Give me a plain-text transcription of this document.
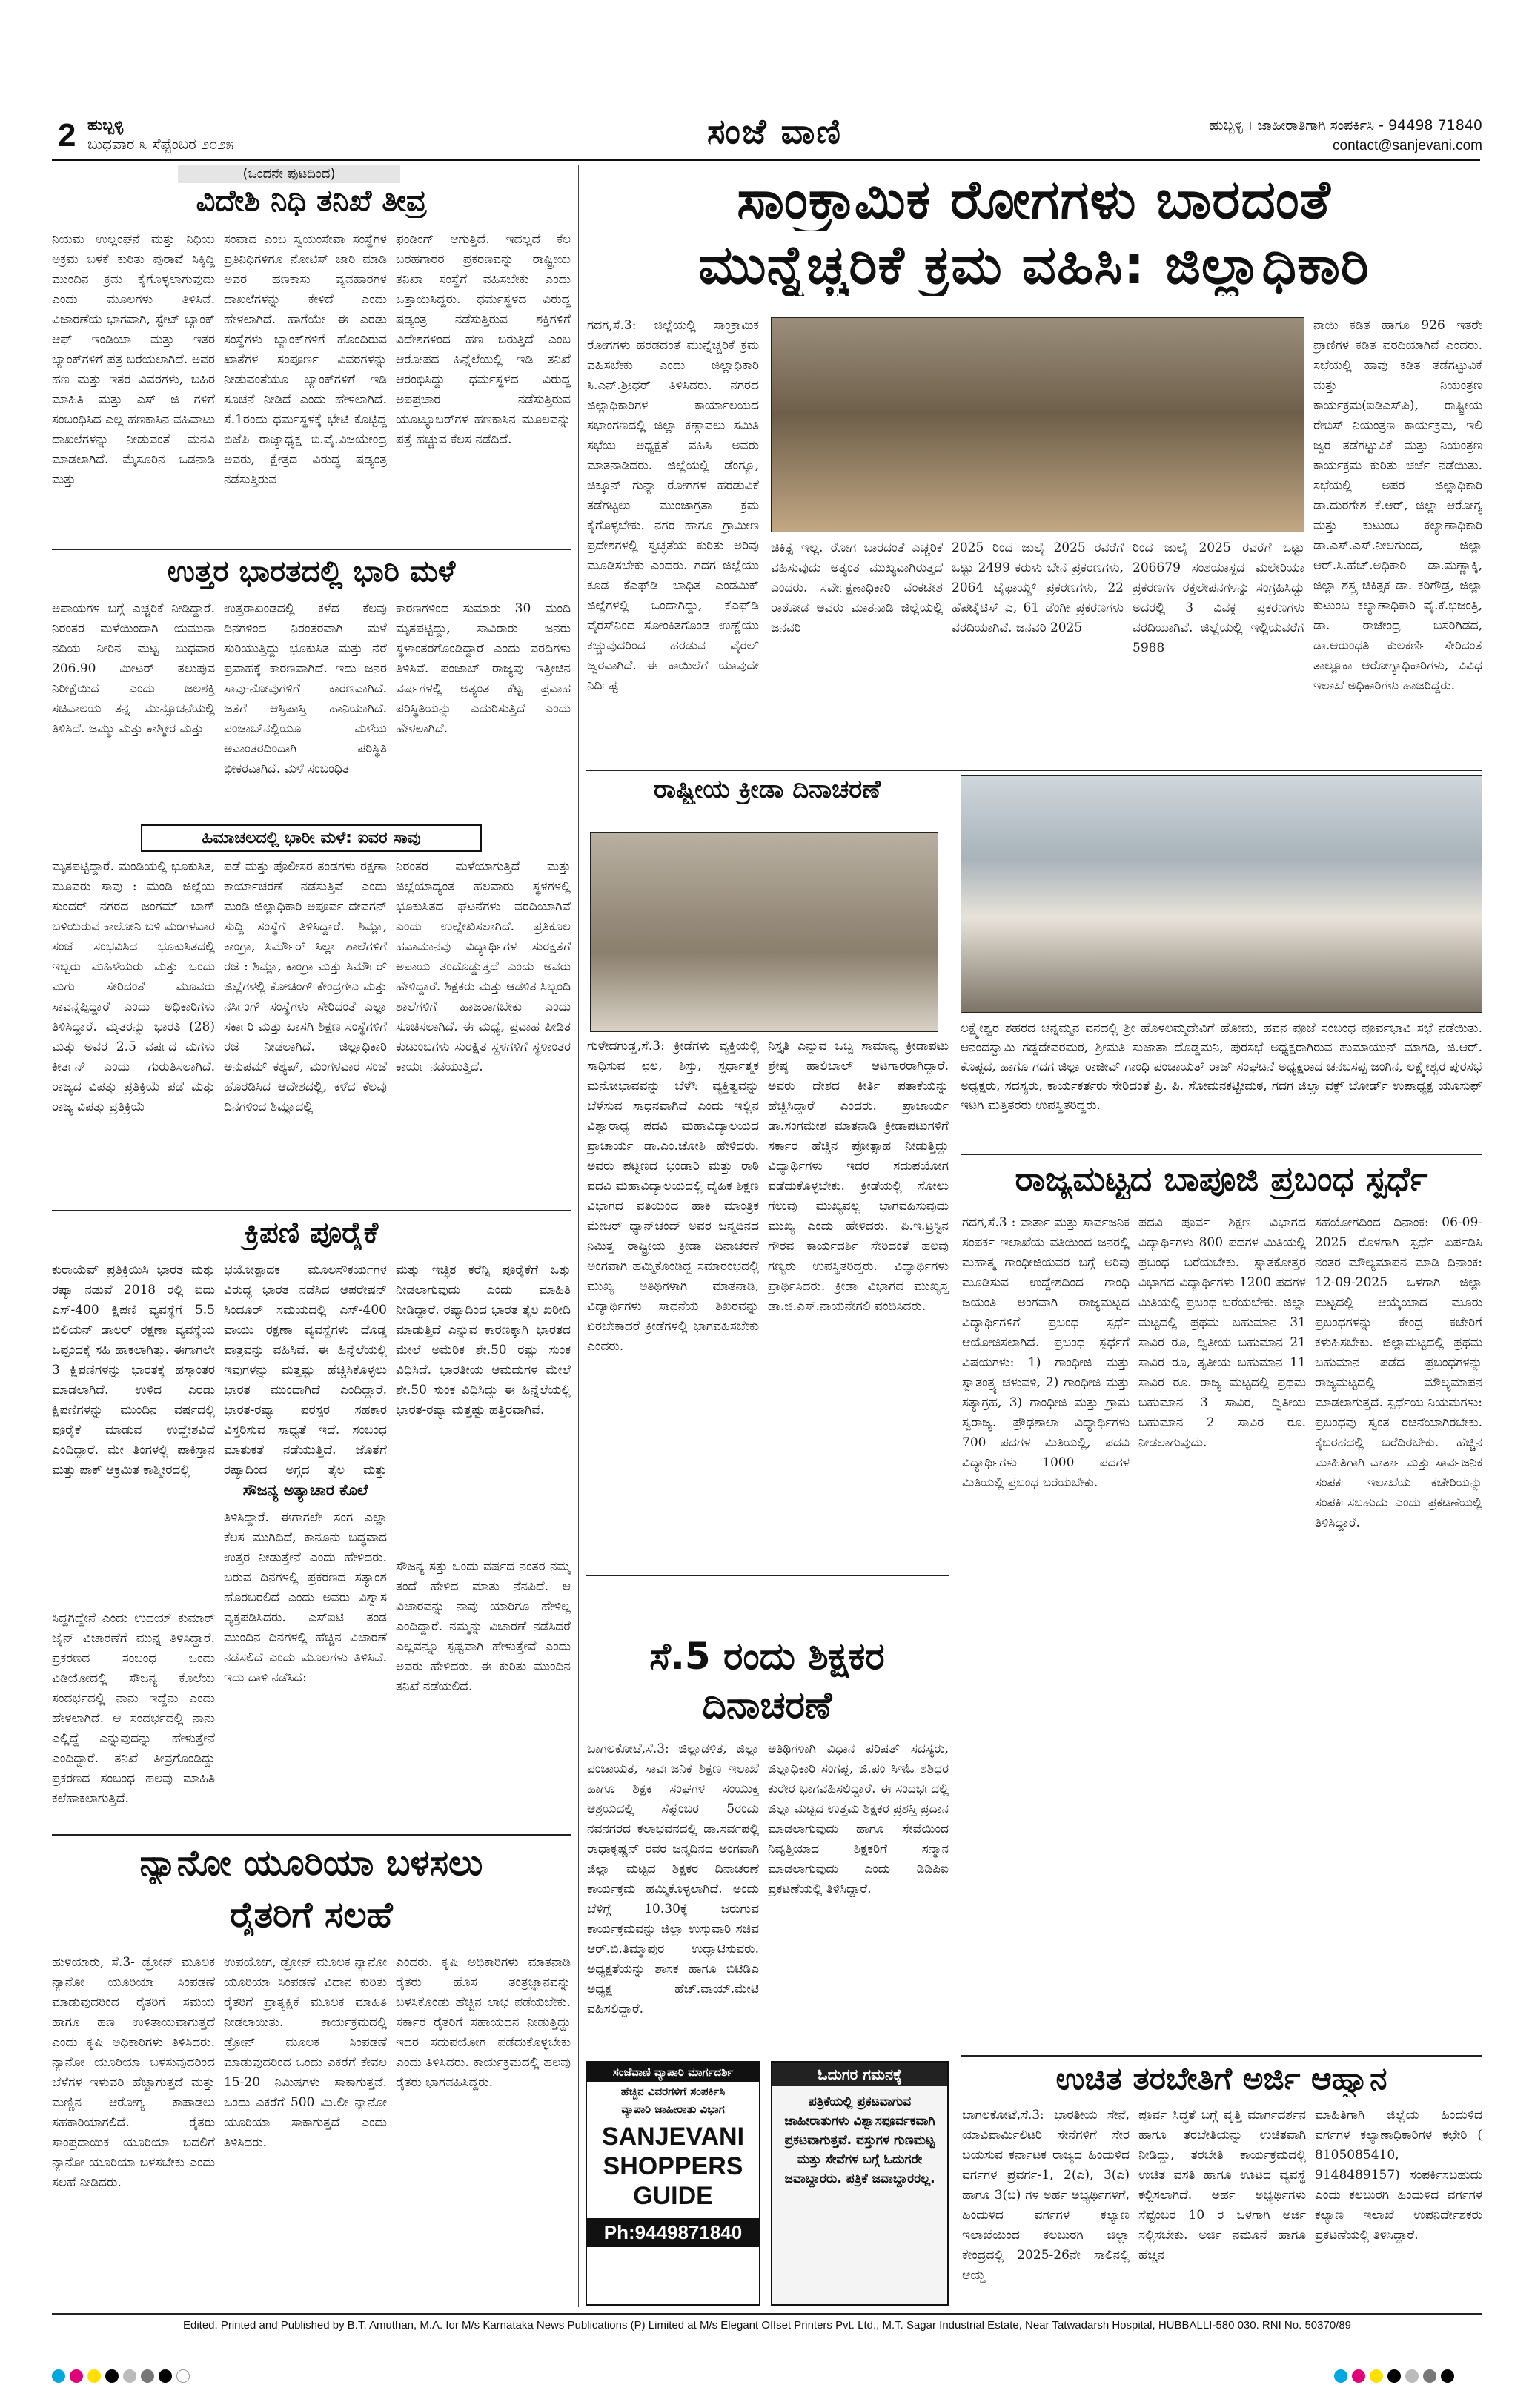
2 ಹುಬ್ಬಳ್ಳಿ
ಬುಧವಾರ ೩ ಸೆಪ್ಟೆಂಬರ ೨೦೨೫	ಸಂಜೆ ವಾಣಿ	ಹುಬ್ಬಳ್ಳಿ । ಜಾಹೀರಾತಿಗಾಗಿ ಸಂಪರ್ಕಿಸಿ - 94498 71840
contact@sanjevani.com
(ಒಂದನೇ ಪುಟದಿಂದ)
ವಿದೇಶಿ ನಿಧಿ ತನಿಖೆ ತೀವ್ರ
ನಿಯಮ ಉಲ್ಲಂಘನೆ ಮತ್ತು ನಿಧಿಯ ಅಕ್ರಮ ಬಳಕೆ ಕುರಿತು ಪುರಾವೆ ಸಿಕ್ಕಿದ್ದಿ ಮುಂದಿನ ಕ್ರಮ ಕೈಗೊಳ್ಳಲಾಗುವುದು ಎಂದು ಮೂಲಗಳು ತಿಳಿಸಿವೆ. ವಿಜಾರಣೆಯ ಭಾಗವಾಗಿ, ಸ್ಟೇಟ್ ಬ್ಯಾಂಕ್ ಆಫ್ ಇಂಡಿಯಾ ಮತ್ತು ಇತರ ಬ್ಯಾಂಕ್‌ಗಳಿಗೆ ಪತ್ರ ಬರೆಯಲಾಗಿದೆ. ಅವರ ಹಣ ಮತ್ತು ಇತರ ವಿವರಗಳು, ಬಹಿರ ಮಾಹಿತಿ ಮತ್ತು ಎಸ್ ಜಿ ಗಳಿಗೆ ಸಂಬಂಧಿಸಿದ ಎಲ್ಲ ಹಣಕಾಸಿನ ವಹಿವಾಟು ದಾಖಲೆಗಳನ್ನು ನೀಡುವಂತೆ ಮನವಿ ಮಾಡಲಾಗಿದೆ. ಮೈಸೂರಿನ ಒಡನಾಡಿ ಮತ್ತು
ಸಂವಾದ ಎಂಬ ಸ್ವಯಂಸೇವಾ ಸಂಸ್ಥೆಗಳ ಪ್ರತಿನಿಧಿಗಳಿಗೂ ನೋಟಿಸ್ ಜಾರಿ ಮಾಡಿ ಅವರ ಹಣಕಾಸು ವ್ಯವಹಾರಗಳ ದಾಖಲೆಗಳನ್ನು ಕೇಳಿದೆ ಎಂದು ಹೇಳಲಾಗಿದೆ. ಹಾಗೆಯೇ ಈ ಎರಡು ಸಂಸ್ಥೆಗಳು ಬ್ಯಾಂಕ್‌ಗಳಿಗೆ ಹೊಂದಿರುವ ಖಾತೆಗಳ ಸಂಪೂರ್ಣ ವಿವರಗಳನ್ನು ನೀಡುವಂತೆಯೂ ಬ್ಯಾಂಕ್‌ಗಳಿಗೆ ಇಡಿ ಸೂಚನೆ ನೀಡಿದೆ ಎಂದು ಹೇಳಲಾಗಿದೆ. ಸೆ.1ರಂದು ಧರ್ಮಸ್ಥಳಕ್ಕೆ ಭೇಟಿ ಕೊಟ್ಟಿದ್ದ ಬಿಜೆಪಿ ರಾಜ್ಯಾಧ್ಯಕ್ಷ ಬಿ.ವೈ.ವಿಜಯೇಂದ್ರ ಅವರು, ಕ್ಷೇತ್ರದ ವಿರುದ್ಧ ಷಡ್ಯಂತ್ರ ನಡೆಸುತ್ತಿರುವ
ಫಂಡಿಂಗ್ ಆಗುತ್ತಿದೆ. ಇದಲ್ಲದೆ ಕೆಲ ಬರಹಗಾರರ ಪ್ರಕರಣವನ್ನು ರಾಷ್ಟ್ರೀಯ ತನಿಖಾ ಸಂಸ್ಥೆಗೆ ವಹಿಸಬೇಕು ಎಂದು ಒತ್ತಾಯಿಸಿದ್ದರು. ಧರ್ಮಸ್ಥಳದ ವಿರುದ್ಧ ಷಡ್ಯಂತ್ರ ನಡೆಸುತ್ತಿರುವ ಶಕ್ತಿಗಳಿಗೆ ವಿದೇಶಗಳಿಂದ ಹಣ ಬರುತ್ತಿದೆ ಎಂಬ ಆರೋಪದ ಹಿನ್ನೆಲೆಯಲ್ಲಿ ಇಡಿ ತನಿಖೆ ಆರಂಭಿಸಿದ್ದು ಧರ್ಮಸ್ಥಳದ ವಿರುದ್ಧ ಅಪಪ್ರಚಾರ ನಡೆಸುತ್ತಿರುವ ಯೂಟ್ಯೂಬರ್‌ಗಳ ಹಣಕಾಸಿನ ಮೂಲವನ್ನು ಪತ್ತೆ ಹಚ್ಚುವ ಕೆಲಸ ನಡೆದಿದೆ.
ಉತ್ತರ ಭಾರತದಲ್ಲಿ ಭಾರಿ ಮಳೆ
ಅಪಾಯಗಳ ಬಗ್ಗೆ ಎಚ್ಚರಿಕೆ ನೀಡಿದ್ದಾರೆ. ನಿರಂತರ ಮಳೆಯಿಂದಾಗಿ ಯಮುನಾ ನದಿಯ ನೀರಿನ ಮಟ್ಟ ಬುಧವಾರ 206.90 ಮೀಟರ್ ತಲುಪುವ ನಿರೀಕ್ಷೆಯಿದೆ ಎಂದು ಜಲಶಕ್ತಿ ಸಚಿವಾಲಯ ತನ್ನ ಮುನ್ಸೂಚನೆಯಲ್ಲಿ ತಿಳಿಸಿದೆ. ಜಮ್ಮು ಮತ್ತು ಕಾಶ್ಮೀರ ಮತ್ತು
ಉತ್ತರಾಖಂಡದಲ್ಲಿ ಕಳೆದ ಕೆಲವು ದಿನಗಳಿಂದ ನಿರಂತರವಾಗಿ ಮಳೆ ಸುರಿಯುತ್ತಿದ್ದು ಭೂಕುಸಿತ ಮತ್ತು ನೆರೆ ಪ್ರವಾಹಕ್ಕೆ ಕಾರಣವಾಗಿದೆ. ಇದು ಜನರ ಸಾವು-ನೋವುಗಳಿಗೆ ಕಾರಣವಾಗಿದೆ. ಜತೆಗೆ ಆಸ್ತಿಪಾಸ್ತಿ ಹಾನಿಯಾಗಿದೆ. ಪಂಜಾಬ್‌ನಲ್ಲಿಯೂ ಮಳೆಯ ಅವಾಂತರದಿಂದಾಗಿ ಪರಿಸ್ಥಿತಿ ಭೀಕರವಾಗಿದೆ. ಮಳೆ ಸಂಬಂಧಿತ
ಕಾರಣಗಳಿಂದ ಸುಮಾರು 30 ಮಂದಿ ಮೃತಪಟ್ಟಿದ್ದು, ಸಾವಿರಾರು ಜನರು ಸ್ಥಳಾಂತರಗೊಂಡಿದ್ದಾರೆ ಎಂದು ವರದಿಗಳು ತಿಳಿಸಿವೆ. ಪಂಜಾಬ್ ರಾಜ್ಯವು ಇತ್ತೀಚಿನ ವರ್ಷಗಳಲ್ಲಿ ಅತ್ಯಂತ ಕೆಟ್ಟ ಪ್ರವಾಹ ಪರಿಸ್ಥಿತಿಯನ್ನು ಎದುರಿಸುತ್ತಿದೆ ಎಂದು ಹೇಳಲಾಗಿದೆ.
ಹಿಮಾಚಲದಲ್ಲಿ ಭಾರೀ ಮಳೆ: ಐವರ ಸಾವು
ಮೃತಪಟ್ಟಿದ್ದಾರೆ. ಮಂಡಿಯಲ್ಲಿ ಭೂಕುಸಿತ, ಮೂವರು ಸಾವು : ಮಂಡಿ ಜಿಲ್ಲೆಯ ಸುಂದರ್ ನಗರದ ಜಂಗಮ್ ಬಾಗ್ ಬಳಿಯಿರುವ ಕಾಲೋನಿ ಬಳಿ ಮಂಗಳವಾರ ಸಂಜೆ ಸಂಭವಿಸಿದ ಭೂಕುಸಿತದಲ್ಲಿ ಇಬ್ಬರು ಮಹಿಳೆಯರು ಮತ್ತು ಒಂದು ಮಗು ಸೇರಿದಂತೆ ಮೂವರು ಸಾವನ್ನಪ್ಪಿದ್ದಾರೆ ಎಂದು ಅಧಿಕಾರಿಗಳು ತಿಳಿಸಿದ್ದಾರೆ. ಮೃತರನ್ನು ಭಾರತಿ (28) ಮತ್ತು ಅವರ 2.5 ವರ್ಷದ ಮಗಳು ಕೀರ್ತನ್ ಎಂದು ಗುರುತಿಸಲಾಗಿದೆ. ರಾಜ್ಯದ ವಿಪತ್ತು ಪ್ರತಿಕ್ರಿಯೆ ಪಡೆ ಮತ್ತು ರಾಜ್ಯ ವಿಪತ್ತು ಪ್ರತಿಕ್ರಿಯೆ
ಪಡೆ ಮತ್ತು ಪೊಲೀಸರ ತಂಡಗಳು ರಕ್ಷಣಾ ಕಾರ್ಯಾಚರಣೆ ನಡೆಸುತ್ತಿವೆ ಎಂದು ಮಂಡಿ ಜಿಲ್ಲಾಧಿಕಾರಿ ಅಪೂರ್ವ ದೇವಗನ್ ಸುದ್ದಿ ಸಂಸ್ಥೆಗೆ ತಿಳಿಸಿದ್ದಾರೆ. ಶಿಮ್ಲಾ, ಕಾಂಗ್ರಾ, ಸಿರ್ಮೌರ್ ಸಿಲ್ಲಾ ಶಾಲೆಗಳಿಗೆ ರಜೆ : ಶಿಮ್ಲಾ, ಕಾಂಗ್ರಾ ಮತ್ತು ಸಿರ್ಮೌರ್ ಜಿಲ್ಲೆಗಳಲ್ಲಿ ಕೋಚಿಂಗ್ ಕೇಂದ್ರಗಳು ಮತ್ತು ನರ್ಸಿಂಗ್ ಸಂಸ್ಥೆಗಳು ಸೇರಿದಂತೆ ಎಲ್ಲಾ ಸರ್ಕಾರಿ ಮತ್ತು ಖಾಸಗಿ ಶಿಕ್ಷಣ ಸಂಸ್ಥೆಗಳಿಗೆ ರಜೆ ನೀಡಲಾಗಿದೆ. ಜಿಲ್ಲಾಧಿಕಾರಿ ಅನುಪಮ್ ಕಶ್ಯಪ್, ಮಂಗಳವಾರ ಸಂಜೆ ಹೊರಡಿಸಿದ ಆದೇಶದಲ್ಲಿ, ಕಳೆದ ಕೆಲವು ದಿನಗಳಿಂದ ಶಿಮ್ಲಾದಲ್ಲಿ
ನಿರಂತರ ಮಳೆಯಾಗುತ್ತಿದೆ ಮತ್ತು ಜಿಲ್ಲೆಯಾದ್ಯಂತ ಹಲವಾರು ಸ್ಥಳಗಳಲ್ಲಿ ಭೂಕುಸಿತದ ಘಟನೆಗಳು ವರದಿಯಾಗಿವೆ ಎಂದು ಉಲ್ಲೇಖಿಸಲಾಗಿದೆ. ಪ್ರತಿಕೂಲ ಹವಾಮಾನವು ವಿದ್ಯಾರ್ಥಿಗಳ ಸುರಕ್ಷತೆಗೆ ಅಪಾಯ ತಂದೊಡ್ಡುತ್ತದೆ ಎಂದು ಅವರು ಹೇಳಿದ್ದಾರೆ. ಶಿಕ್ಷಕರು ಮತ್ತು ಆಡಳಿತ ಸಿಬ್ಬಂದಿ ಶಾಲೆಗಳಿಗೆ ಹಾಜರಾಗಬೇಕು ಎಂದು ಸೂಚಿಸಲಾಗಿದೆ. ಈ ಮಧ್ಯೆ, ಪ್ರವಾಹ ಪೀಡಿತ ಕುಟುಂಬಗಳು ಸುರಕ್ಷಿತ ಸ್ಥಳಗಳಿಗೆ ಸ್ಥಳಾಂತರ ಕಾರ್ಯ ನಡೆಯುತ್ತಿದೆ.
ಕ್ರಿಪಣಿ ಪೂರೈಕೆ
ಕುರಾಯೆವ್ ಪ್ರತಿಕ್ರಿಯಿಸಿ ಭಾರತ ಮತ್ತು ರಷ್ಯಾ ನಡುವೆ 2018 ರಲ್ಲಿ ಐದು ಎಸ್-400 ಕ್ಷಿಪಣಿ ವ್ಯವಸ್ಥೆಗೆ 5.5 ಬಿಲಿಯನ್ ಡಾಲರ್ ರಕ್ಷಣಾ ವ್ಯವಸ್ಥೆಯ ಒಪ್ಪಂದಕ್ಕೆ ಸಹಿ ಹಾಕಲಾಗಿತ್ತು. ಈಗಾಗಲೇ 3 ಕ್ಷಿಪಣಿಗಳನ್ನು ಭಾರತಕ್ಕೆ ಹಸ್ತಾಂತರ ಮಾಡಲಾಗಿದೆ. ಉಳಿದ ಎರಡು ಕ್ಷಿಪಣಿಗಳನ್ನು ಮುಂದಿನ ವರ್ಷದಲ್ಲಿ ಪೂರೈಕೆ ಮಾಡುವ ಉದ್ದೇಶವಿದೆ ಎಂದಿದ್ದಾರೆ. ಮೇ ತಿಂಗಳಲ್ಲಿ ಪಾಕಿಸ್ತಾನ ಮತ್ತು ಪಾಕ್ ಆಕ್ರಮಿತ ಕಾಶ್ಮೀರದಲ್ಲಿ
ಭಯೋತ್ಪಾದಕ ಮೂಲಸೌಕರ್ಯಗಳ ವಿರುದ್ಧ ಭಾರತ ನಡೆಸಿದ ಆಪರೇಷನ್ ಸಿಂದೂರ್ ಸಮಯದಲ್ಲಿ ಎಸ್-400 ವಾಯು ರಕ್ಷಣಾ ವ್ಯವಸ್ಥೆಗಳು ದೊಡ್ಡ ಪಾತ್ರವನ್ನು ವಹಿಸಿವೆ. ಈ ಹಿನ್ನೆಲೆಯಲ್ಲಿ ಇವುಗಳನ್ನು ಮತ್ತಷ್ಟು ಹೆಚ್ಚಿಸಿಕೊಳ್ಳಲು ಭಾರತ ಮುಂದಾಗಿದೆ ಎಂದಿದ್ದಾರೆ. ಭಾರತ-ರಷ್ಯಾ ಪರಸ್ಪರ ಸಹಕಾರ ವಿಸ್ತರಿಸುವ ಸಾಧ್ಯತೆ ಇದೆ. ಸಂಬಂಧ ಮಾತುಕತೆ ನಡೆಯುತ್ತಿದೆ. ಜೊತೆಗೆ ರಷ್ಯಾದಿಂದ ಅಗ್ಗದ ತೈಲ ಮತ್ತು
ಮತ್ತು ಇಚ್ಛಿತ ಕರೆನ್ಸಿ ಪೂರೈಕೆಗೆ ಒತ್ತು ನೀಡಲಾಗುವುದು ಎಂದು ಮಾಹಿತಿ ನೀಡಿದ್ದಾರೆ. ರಷ್ಯಾದಿಂದ ಭಾರತ ತೈಲ ಖರೀದಿ ಮಾಡುತ್ತಿದೆ ಎನ್ನುವ ಕಾರಣಕ್ಕಾಗಿ ಭಾರತದ ಮೇಲೆ ಅಮೆರಿಕ ಶೇ.50 ರಷ್ಟು ಸುಂಕ ವಿಧಿಸಿದೆ. ಭಾರತೀಯ ಆಮದುಗಳ ಮೇಲೆ ಶೇ.50 ಸುಂಕ ವಿಧಿಸಿದ್ದು ಈ ಹಿನ್ನೆಲೆಯಲ್ಲಿ ಭಾರತ-ರಷ್ಯಾ ಮತ್ತಷ್ಟು ಹತ್ತಿರವಾಗಿವೆ.
ಸೌಜನ್ಯ ಅತ್ಯಾಚಾರ ಕೊಲೆ
ಸಿದ್ದಗಿದ್ದೇನೆ ಎಂದು ಉದಯ್ ಕುಮಾರ್ ಜೈನ್ ವಿಚಾರಣೆಗೆ ಮುನ್ನ ತಿಳಿಸಿದ್ದಾರೆ. ಪ್ರಕರಣದ ಸಂಬಂಧ ಒಂದು ವಿಡಿಯೋದಲ್ಲಿ ಸೌಜನ್ಯ ಕೊಲೆಯ ಸಂದರ್ಭದಲ್ಲಿ ನಾನು ಇದ್ದೆನು ಎಂದು ಹೇಳಲಾಗಿದೆ. ಆ ಸಂದರ್ಭದಲ್ಲಿ ನಾನು ಎಲ್ಲಿದ್ದೆ ಎನ್ನುವುದನ್ನು ಹೇಳುತ್ತೇನೆ ಎಂದಿದ್ದಾರೆ. ತನಿಖೆ ತೀವ್ರಗೊಂಡಿದ್ದು ಪ್ರಕರಣದ ಸಂಬಂಧ ಹಲವು ಮಾಹಿತಿ ಕಲೆಹಾಕಲಾಗುತ್ತಿದೆ.
ತಿಳಿಸಿದ್ದಾರೆ. ಈಗಾಗಲೇ ಸಂಗ ಎಲ್ಲಾ ಕೆಲಸ ಮುಗಿದಿದೆ, ಕಾನೂನು ಬದ್ಧವಾದ ಉತ್ತರ ನೀಡುತ್ತೇನೆ ಎಂದು ಹೇಳಿದರು. ಬರುವ ದಿನಗಳಲ್ಲಿ ಪ್ರಕರಣದ ಸತ್ಯಾಂಶ ಹೊರಬರಲಿದೆ ಎಂದು ಅವರು ವಿಶ್ವಾಸ ವ್ಯಕ್ತಪಡಿಸಿದರು. ಎಸ್ಐಟಿ ತಂಡ ಮುಂದಿನ ದಿನಗಳಲ್ಲಿ ಹೆಚ್ಚಿನ ವಿಚಾರಣೆ ನಡೆಸಲಿದೆ ಎಂದು ಮೂಲಗಳು ತಿಳಿಸಿವೆ. ಇದು ದಾಳಿ ನಡೆಸಿದೆ:
ಸೌಜನ್ಯ ಸತ್ತು ಒಂದು ವರ್ಷದ ನಂತರ ನಮ್ಮ ತಂದೆ ಹೇಳಿದ ಮಾತು ನೆನಪಿದೆ. ಆ ವಿಚಾರವನ್ನು ನಾವು ಯಾರಿಗೂ ಹೇಳಿಲ್ಲ ಎಂದಿದ್ದಾರೆ. ನಮ್ಮನ್ನು ವಿಚಾರಣೆ ನಡೆಸಿದರೆ ಎಲ್ಲವನ್ನೂ ಸ್ಪಷ್ಟವಾಗಿ ಹೇಳುತ್ತೇವೆ ಎಂದು ಅವರು ಹೇಳಿದರು. ಈ ಕುರಿತು ಮುಂದಿನ ತನಿಖೆ ನಡೆಯಲಿದೆ.
ನ್ಯಾನೋ ಯೂರಿಯಾ ಬಳಸಲು
ರೈತರಿಗೆ ಸಲಹೆ
ಹುಳಿಯಾರು, ಸೆ.3- ಡ್ರೋನ್ ಮೂಲಕ ನ್ಯಾನೋ ಯೂರಿಯಾ ಸಿಂಪಡಣೆ ಮಾಡುವುದರಿಂದ ರೈತರಿಗೆ ಸಮಯ ಹಾಗೂ ಹಣ ಉಳಿತಾಯವಾಗುತ್ತದೆ ಎಂದು ಕೃಷಿ ಅಧಿಕಾರಿಗಳು ತಿಳಿಸಿದರು. ನ್ಯಾನೋ ಯೂರಿಯಾ ಬಳಸುವುದರಿಂದ ಬೆಳೆಗಳ ಇಳುವರಿ ಹೆಚ್ಚಾಗುತ್ತದೆ ಮತ್ತು ಮಣ್ಣಿನ ಆರೋಗ್ಯ ಕಾಪಾಡಲು ಸಹಕಾರಿಯಾಗಲಿದೆ. ರೈತರು ಸಾಂಪ್ರದಾಯಿಕ ಯೂರಿಯಾ ಬದಲಿಗೆ ನ್ಯಾನೋ ಯೂರಿಯಾ ಬಳಸಬೇಕು ಎಂದು ಸಲಹೆ ನೀಡಿದರು.
ಉಪಯೋಗ, ಡ್ರೋನ್ ಮೂಲಕ ನ್ಯಾನೋ ಯೂರಿಯಾ ಸಿಂಪಡಣೆ ವಿಧಾನ ಕುರಿತು ರೈತರಿಗೆ ಪ್ರಾತ್ಯಕ್ಷಿಕೆ ಮೂಲಕ ಮಾಹಿತಿ ನೀಡಲಾಯಿತು. ಕಾರ್ಯಕ್ರಮದಲ್ಲಿ ಡ್ರೋನ್ ಮೂಲಕ ಸಿಂಪಡಣೆ ಮಾಡುವುದರಿಂದ ಒಂದು ಎಕರೆಗೆ ಕೇವಲ 15-20 ನಿಮಿಷಗಳು ಸಾಕಾಗುತ್ತವೆ. ಒಂದು ಎಕರೆಗೆ 500 ಮಿ.ಲೀ ನ್ಯಾನೋ ಯೂರಿಯಾ ಸಾಕಾಗುತ್ತದೆ ಎಂದು ತಿಳಿಸಿದರು.
ಎಂದರು. ಕೃಷಿ ಅಧಿಕಾರಿಗಳು ಮಾತನಾಡಿ ರೈತರು ಹೊಸ ತಂತ್ರಜ್ಞಾನವನ್ನು ಬಳಸಿಕೊಂಡು ಹೆಚ್ಚಿನ ಲಾಭ ಪಡೆಯಬೇಕು. ಸರ್ಕಾರ ರೈತರಿಗೆ ಸಹಾಯಧನ ನೀಡುತ್ತಿದ್ದು ಇದರ ಸದುಪಯೋಗ ಪಡೆದುಕೊಳ್ಳಬೇಕು ಎಂದು ತಿಳಿಸಿದರು. ಕಾರ್ಯಕ್ರಮದಲ್ಲಿ ಹಲವು ರೈತರು ಭಾಗವಹಿಸಿದ್ದರು.
ಸಾಂಕ್ರಾಮಿಕ ರೋಗಗಳು ಬಾರದಂತೆ
ಮುನ್ನೆಚ್ಚರಿಕೆ ಕ್ರಮ ವಹಿಸಿ: ಜಿಲ್ಲಾಧಿಕಾರಿ
ಗದಗ,ಸೆ.3: ಜಿಲ್ಲೆಯಲ್ಲಿ ಸಾಂಕ್ರಾಮಿಕ ರೋಗಗಳು ಹರಡದಂತೆ ಮುನ್ನೆಚ್ಚರಿಕೆ ಕ್ರಮ ವಹಿಸಬೇಕು ಎಂದು ಜಿಲ್ಲಾಧಿಕಾರಿ ಸಿ.ಎನ್.ಶ್ರೀಧರ್ ತಿಳಿಸಿದರು. ನಗರದ ಜಿಲ್ಲಾಧಿಕಾರಿಗಳ ಕಾರ್ಯಾಲಯದ ಸಭಾಂಗಣದಲ್ಲಿ ಜಿಲ್ಲಾ ಕಣ್ಗಾವಲು ಸಮಿತಿ ಸಭೆಯ ಅಧ್ಯಕ್ಷತೆ ವಹಿಸಿ ಅವರು ಮಾತನಾಡಿದರು. ಜಿಲ್ಲೆಯಲ್ಲಿ ಡೆಂಗ್ಯೂ, ಚಿಕ್ಕೂನ್ ಗುನ್ಯಾ ರೋಗಗಳ ಹರಡುವಿಕೆ ತಡೆಗಟ್ಟಲು ಮುಂಜಾಗ್ರತಾ ಕ್ರಮ ಕೈಗೊಳ್ಳಬೇಕು. ನಗರ ಹಾಗೂ ಗ್ರಾಮೀಣ ಪ್ರದೇಶಗಳಲ್ಲಿ ಸ್ವಚ್ಛತೆಯ ಕುರಿತು ಅರಿವು ಮೂಡಿಸಬೇಕು ಎಂದರು. ಗದಗ ಜಿಲ್ಲೆಯು ಕೂಡ ಕೆಎಫ್‌ಡಿ ಬಾಧಿತ ಎಂಡಮಿಕ್ ಜಿಲ್ಲೆಗಳಲ್ಲಿ ಒಂದಾಗಿದ್ದು, ಕೆಎಫ್‌ಡಿ ವೈರಸ್‌ನಿಂದ ಸೋಂಕಿತಗೊಂಡ ಉಣ್ಣೆಯು ಕಚ್ಚುವುದರಿಂದ ಹರಡುವ ವೈರಲ್ ಜ್ವರವಾಗಿದೆ. ಈ ಕಾಯಿಲೆಗೆ ಯಾವುದೇ ನಿರ್ದಿಷ್ಟ
ಚಿಕಿತ್ಸೆ ಇಲ್ಲ. ರೋಗ ಬಾರದಂತೆ ಎಚ್ಚರಿಕೆ ವಹಿಸುವುದು ಅತ್ಯಂತ ಮುಖ್ಯವಾಗಿರುತ್ತದೆ ಎಂದರು. ಸರ್ವೇಕ್ಷಣಾಧಿಕಾರಿ ವೆಂಕಟೇಶ ರಾಠೋಡ ಅವರು ಮಾತನಾಡಿ ಜಿಲ್ಲೆಯಲ್ಲಿ ಜನವರಿ
2025 ರಿಂದ ಜುಲೈ 2025 ರವರೆಗೆ ಒಟ್ಟು 2499 ಕರುಳು ಬೇನೆ ಪ್ರಕರಣಗಳು, 2064 ಟೈಫಾಯ್ಡ್ ಪ್ರಕರಣಗಳು, 22 ಹೆಪಟೈಟಿಸ್ ಎ, 61 ಡೆಂಗೀ ಪ್ರಕರಣಗಳು ವರದಿಯಾಗಿವೆ. ಜನವರಿ 2025
ರಿಂದ ಜುಲೈ 2025 ರವರೆಗೆ ಒಟ್ಟು 206679 ಸಂಶಯಾಸ್ಪದ ಮಲೇರಿಯಾ ಪ್ರಕರಣಗಳ ರಕ್ತಲೇಪನಗಳನ್ನು ಸಂಗ್ರಹಿಸಿದ್ದು ಅದರಲ್ಲಿ 3 ವಿವಕ್ಸ ಪ್ರಕರಣಗಳು ವರದಿಯಾಗಿವೆ. ಜಿಲ್ಲೆಯಲ್ಲಿ ಇಲ್ಲಿಯವರೆಗೆ 5988
ನಾಯಿ ಕಡಿತ ಹಾಗೂ 926 ಇತರೇ ಪ್ರಾಣಿಗಳ ಕಡಿತ ವರದಿಯಾಗಿವೆ ಎಂದರು. ಸಭೆಯಲ್ಲಿ ಹಾವು ಕಡಿತ ತಡೆಗಟ್ಟುವಿಕೆ ಮತ್ತು ನಿಯಂತ್ರಣ ಕಾರ್ಯಕ್ರಮ(ಐಡಿಎಸ್‌ಪಿ), ರಾಷ್ಟ್ರೀಯ ರೇಬಿಸ್ ನಿಯಂತ್ರಣ ಕಾರ್ಯಕ್ರಮ, ಇಲಿ ಜ್ವರ ತಡೆಗಟ್ಟುವಿಕೆ ಮತ್ತು ನಿಯಂತ್ರಣ ಕಾರ್ಯಕ್ರಮ ಕುರಿತು ಚರ್ಚೆ ನಡೆಯಿತು. ಸಭೆಯಲ್ಲಿ ಅಪರ ಜಿಲ್ಲಾಧಿಕಾರಿ ಡಾ.ದುರಗೇಶ ಕೆ.ಆರ್, ಜಿಲ್ಲಾ ಆರೋಗ್ಯ ಮತ್ತು ಕುಟುಂಬ ಕಲ್ಯಾಣಾಧಿಕಾರಿ ಡಾ.ಎಸ್.ಎಸ್.ನೀಲಗುಂದ, ಜಿಲ್ಲಾ ಆರ್.ಸಿ.ಹೆಚ್.ಅಧಿಕಾರಿ ಡಾ.ಮಣ್ಣಾಕ್ಕಿ, ಜಿಲ್ಲಾ ಶಸ್ತ್ರ ಚಿಕಿತ್ಸಕ ಡಾ. ಕರಿಗೌಡ್ರ, ಜಿಲ್ಲಾ ಕುಟುಂಬ ಕಲ್ಯಾಣಾಧಿಕಾರಿ ವೈ.ಕೆ.ಭಜಂತ್ರಿ, ಡಾ. ರಾಜೇಂದ್ರ ಬಸರಿಗಿಡದ, ಡಾ.ಆರುಂಧತಿ ಕುಲಕರ್ಣಿ ಸೇರಿದಂತೆ ತಾಲ್ಲೂಕಾ ಆರೋಗ್ಯಾಧಿಕಾರಿಗಳು, ವಿವಿಧ ಇಲಾಖೆ ಅಧಿಕಾರಿಗಳು ಹಾಜರಿದ್ದರು.
ರಾಷ್ಟ್ರೀಯ ಕ್ರೀಡಾ ದಿನಾಚರಣೆ
ಗುಳೇದಗುಡ್ಡ,ಸೆ.3: ಕ್ರೀಡೆಗಳು ವ್ಯಕ್ತಿಯಲ್ಲಿ ಸಾಧಿಸುವ ಛಲ, ಶಿಸ್ತು, ಸ್ಪರ್ಧಾತ್ಮಕ ಮನೋಭಾವವನ್ನು ಬೆಳೆಸಿ ವ್ಯಕ್ತಿತ್ವವನ್ನು ಬೆಳೆಸುವ ಸಾಧನವಾಗಿದೆ ಎಂದು ಇಲ್ಲಿನ ವಿಶ್ವಾರಾಧ್ಯ ಪದವಿ ಮಹಾವಿದ್ಯಾಲಯದ ಪ್ರಾಚಾರ್ಯ ಡಾ.ಎಂ.ಜೋಶಿ ಹೇಳಿದರು. ಅವರು ಪಟ್ಟಣದ ಭಂಡಾರಿ ಮತ್ತು ರಾಠಿ ಪದವಿ ಮಹಾವಿದ್ಯಾಲಯದಲ್ಲಿ ದೈಹಿಕ ಶಿಕ್ಷಣ ವಿಭಾಗದ ವತಿಯಿಂದ ಹಾಕಿ ಮಾಂತ್ರಿಕ ಮೇಜರ್ ಧ್ಯಾನ್‌ಚಂದ್ ಅವರ ಜನ್ಮದಿನದ ನಿಮಿತ್ತ ರಾಷ್ಟ್ರೀಯ ಕ್ರೀಡಾ ದಿನಾಚರಣೆ ಅಂಗವಾಗಿ ಹಮ್ಮಿಕೊಂಡಿದ್ದ ಸಮಾರಂಭದಲ್ಲಿ ಮುಖ್ಯ ಅತಿಥಿಗಳಾಗಿ ಮಾತನಾಡಿ, ವಿದ್ಯಾರ್ಥಿಗಳು ಸಾಧನೆಯ ಶಿಖರವನ್ನು ಏರಬೇಕಾದರೆ ಕ್ರೀಡೆಗಳಲ್ಲಿ ಭಾಗವಹಿಸಬೇಕು ಎಂದರು.
ನಿಸ್ತೃತಿ ಎನ್ನುವ ಒಬ್ಬ ಸಾಮಾನ್ಯ ಕ್ರೀಡಾಪಟು ಶ್ರೇಷ್ಠ ಹಾಲಿಬಾಲ್ ಆಟಗಾರರಾಗಿದ್ದಾರೆ. ಅವರು ದೇಶದ ಕೀರ್ತಿ ಪತಾಕೆಯನ್ನು ಹೆಚ್ಚಿಸಿದ್ದಾರೆ ಎಂದರು. ಪ್ರಾಚಾರ್ಯ ಡಾ.ಸಂಗಮೇಶ ಮಾತನಾಡಿ ಕ್ರೀಡಾಪಟುಗಳಿಗೆ ಸರ್ಕಾರ ಹೆಚ್ಚಿನ ಪ್ರೋತ್ಸಾಹ ನೀಡುತ್ತಿದ್ದು ವಿದ್ಯಾರ್ಥಿಗಳು ಇದರ ಸದುಪಯೋಗ ಪಡೆದುಕೊಳ್ಳಬೇಕು. ಕ್ರೀಡೆಯಲ್ಲಿ ಸೋಲು ಗೆಲುವು ಮುಖ್ಯವಲ್ಲ ಭಾಗವಹಿಸುವುದು ಮುಖ್ಯ ಎಂದು ಹೇಳಿದರು. ಪಿ.ಇ.ಟ್ರಸ್ಟಿನ ಗೌರವ ಕಾರ್ಯದರ್ಶಿ ಸೇರಿದಂತೆ ಹಲವು ಗಣ್ಯರು ಉಪಸ್ಥಿತರಿದ್ದರು. ವಿದ್ಯಾರ್ಥಿಗಳು ಪ್ರಾರ್ಥಿಸಿದರು. ಕ್ರೀಡಾ ವಿಭಾಗದ ಮುಖ್ಯಸ್ಥ ಡಾ.ಜಿ.ಎಸ್.ನಾಯನೇಗಲಿ ವಂದಿಸಿದರು.
ಲಕ್ಷ್ಮೇಶ್ವರ ಶಹರದ ಚನ್ನಮ್ಮನ ವನದಲ್ಲಿ ಶ್ರೀ ಹೊಳಲಮ್ಮದೇವಿಗೆ ಹೋಮ, ಹವನ ಪೂಜೆ ಸಂಬಂಧ ಪೂರ್ವಭಾವಿ ಸಭೆ ನಡೆಯಿತು. ಆನಂದಸ್ವಾಮಿ ಗಡ್ಡದೇವರಮಠ, ಶ್ರೀಮತಿ ಸುಜಾತಾ ದೊಡ್ಡಮನಿ, ಪುರಸಭೆ ಅಧ್ಯಕ್ಷರಾಗಿರುವ ಹುಮಾಯುನ್ ಮಾಗಡಿ, ಜಿ.ಆರ್. ಕೊಪ್ಪದ, ಹಾಗೂ ಗದಗ ಜಿಲ್ಲಾ ರಾಜೀವ್ ಗಾಂಧಿ ಪಂಚಾಯತ್ ರಾಜ್ ಸಂಘಟನೆ ಅಧ್ಯಕ್ಷರಾದ ಚನಬಸಪ್ಪ ಜಂಗಿನ, ಲಕ್ಷ್ಮೇಶ್ವರ ಪುರಸಭೆ ಅಧ್ಯಕ್ಷರು, ಸದಸ್ಯರು, ಕಾರ್ಯಕರ್ತರು ಸೇರಿದಂತೆ ಪ್ರಿ. ಪಿ. ಸೋಮನಕಟ್ಟೀಮಠ, ಗದಗ ಜಿಲ್ಲಾ ವಕ್ಫ್ ಬೋರ್ಡ್ ಉಪಾಧ್ಯಕ್ಷ ಯೂಸುಫ್ ಇಟಗಿ ಮತ್ತಿತರರು ಉಪಸ್ಥಿತರಿದ್ದರು.
ರಾಜ್ಯಮಟ್ಟದ ಬಾಪೂಜಿ ಪ್ರಬಂಧ ಸ್ಪರ್ಧೆ
ಗದಗ,ಸೆ.3 : ವಾರ್ತಾ ಮತ್ತು ಸಾರ್ವಜನಿಕ ಸಂಪರ್ಕ ಇಲಾಖೆಯ ವತಿಯಿಂದ ಜನರಲ್ಲಿ ಮಹಾತ್ಮ ಗಾಂಧೀಜಿಯವರ ಬಗ್ಗೆ ಅರಿವು ಮೂಡಿಸುವ ಉದ್ದೇಶದಿಂದ ಗಾಂಧಿ ಜಯಂತಿ ಅಂಗವಾಗಿ ರಾಜ್ಯಮಟ್ಟದ ವಿದ್ಯಾರ್ಥಿಗಳಿಗೆ ಪ್ರಬಂಧ ಸ್ಪರ್ಧೆ ಆಯೋಜಿಸಲಾಗಿದೆ. ಪ್ರಬಂಧ ಸ್ಪರ್ಧೆಗೆ ವಿಷಯಗಳು: 1) ಗಾಂಧೀಜಿ ಮತ್ತು ಸ್ವಾತಂತ್ರ್ಯ ಚಳುವಳಿ, 2) ಗಾಂಧೀಜಿ ಮತ್ತು ಸತ್ಯಾಗ್ರಹ, 3) ಗಾಂಧೀಜಿ ಮತ್ತು ಗ್ರಾಮ ಸ್ವರಾಜ್ಯ. ಪ್ರೌಢಶಾಲಾ ವಿದ್ಯಾರ್ಥಿಗಳು 700 ಪದಗಳ ಮಿತಿಯಲ್ಲಿ, ಪದವಿ ವಿದ್ಯಾರ್ಥಿಗಳು 1000 ಪದಗಳ ಮಿತಿಯಲ್ಲಿ ಪ್ರಬಂಧ ಬರೆಯಬೇಕು.
ಪದವಿ ಪೂರ್ವ ಶಿಕ್ಷಣ ವಿಭಾಗದ ವಿದ್ಯಾರ್ಥಿಗಳು 800 ಪದಗಳ ಮಿತಿಯಲ್ಲಿ ಪ್ರಬಂಧ ಬರೆಯಬೇಕು. ಸ್ನಾತಕೋತ್ತರ ವಿಭಾಗದ ವಿದ್ಯಾರ್ಥಿಗಳು 1200 ಪದಗಳ ಮಿತಿಯಲ್ಲಿ ಪ್ರಬಂಧ ಬರೆಯಬೇಕು. ಜಿಲ್ಲಾ ಮಟ್ಟದಲ್ಲಿ ಪ್ರಥಮ ಬಹುಮಾನ 31 ಸಾವಿರ ರೂ, ದ್ವಿತೀಯ ಬಹುಮಾನ 21 ಸಾವಿರ ರೂ, ತೃತೀಯ ಬಹುಮಾನ 11 ಸಾವಿರ ರೂ. ರಾಜ್ಯ ಮಟ್ಟದಲ್ಲಿ ಪ್ರಥಮ ಬಹುಮಾನ 3 ಸಾವಿರ, ದ್ವಿತೀಯ ಬಹುಮಾನ 2 ಸಾವಿರ ರೂ. ನೀಡಲಾಗುವುದು.
ಸಹಯೋಗದಿಂದ ದಿನಾಂಕ: 06-09-2025 ರೊಳಗಾಗಿ ಸ್ಪರ್ಧೆ ಏರ್ಪಡಿಸಿ ನಂತರ ಮೌಲ್ಯಮಾಪನ ಮಾಡಿ ದಿನಾಂಕ: 12-09-2025 ಒಳಗಾಗಿ ಜಿಲ್ಲಾ ಮಟ್ಟದಲ್ಲಿ ಆಯ್ಕೆಯಾದ ಮೂರು ಪ್ರಬಂಧಗಳನ್ನು ಕೇಂದ್ರ ಕಚೇರಿಗೆ ಕಳುಹಿಸಬೇಕು. ಜಿಲ್ಲಾಮಟ್ಟದಲ್ಲಿ ಪ್ರಥಮ ಬಹುಮಾನ ಪಡೆದ ಪ್ರಬಂಧಗಳನ್ನು ರಾಜ್ಯಮಟ್ಟದಲ್ಲಿ ಮೌಲ್ಯಮಾಪನ ಮಾಡಲಾಗುತ್ತದೆ. ಸ್ಪರ್ಧೆಯ ನಿಯಮಗಳು: ಪ್ರಬಂಧವು ಸ್ವಂತ ರಚನೆಯಾಗಿರಬೇಕು. ಕೈಬರಹದಲ್ಲಿ ಬರೆದಿರಬೇಕು. ಹೆಚ್ಚಿನ ಮಾಹಿತಿಗಾಗಿ ವಾರ್ತಾ ಮತ್ತು ಸಾರ್ವಜನಿಕ ಸಂಪರ್ಕ ಇಲಾಖೆಯ ಕಚೇರಿಯನ್ನು ಸಂಪರ್ಕಿಸಬಹುದು ಎಂದು ಪ್ರಕಟಣೆಯಲ್ಲಿ ತಿಳಿಸಿದ್ದಾರೆ.
ಉಚಿತ ತರಬೇತಿಗೆ ಅರ್ಜಿ ಆಹ್ವಾನ
ಬಾಗಲಕೋಟೆ,ಸೆ.3: ಭಾರತೀಯ ಸೇನೆ, ಯಾವಿಪಾರ್ಮಿಲಿಟರಿ ಸೇನೆಗಳಿಗೆ ಸೇರ ಬಯಸುವ ಕರ್ನಾಟಕ ರಾಜ್ಯದ ಹಿಂದುಳಿದ ವರ್ಗಗಳ ಪ್ರವರ್ಗ-1, 2(ಎ), 3(ಎ) ಹಾಗೂ 3(ಬ) ಗಳ ಅರ್ಹ ಅಭ್ಯರ್ಥಿಗಳಿಗೆ, ಹಿಂದುಳಿದ ವರ್ಗಗಳ ಕಲ್ಯಾಣ ಇಲಾಖೆಯಿಂದ ಕಲಬುರಗಿ ಜಿಲ್ಲಾ ಕೇಂದ್ರದಲ್ಲಿ 2025-26ನೇ ಸಾಲಿನಲ್ಲಿ ಆಯ್ದ
ಪೂರ್ವ ಸಿದ್ಧತೆ ಬಗ್ಗೆ ವೃತ್ತಿ ಮಾರ್ಗದರ್ಶನ ಹಾಗೂ ತರಬೇತಿಯನ್ನು ಉಚಿತವಾಗಿ ನೀಡಿದ್ದು, ತರಬೇತಿ ಕಾರ್ಯಕ್ರಮದಲ್ಲಿ ಉಚಿತ ವಸತಿ ಹಾಗೂ ಊಟದ ವ್ಯವಸ್ಥೆ ಕಲ್ಪಿಸಲಾಗಿದೆ. ಅರ್ಹ ಅಭ್ಯರ್ಥಿಗಳು ಸೆಪ್ಟೆಂಬರ 10 ರ ಒಳಗಾಗಿ ಅರ್ಜಿ ಸಲ್ಲಿಸಬೇಕು. ಅರ್ಜಿ ನಮೂನೆ ಹಾಗೂ ಹೆಚ್ಚಿನ
ಮಾಹಿತಿಗಾಗಿ ಜಿಲ್ಲೆಯ ಹಿಂದುಳಿದ ವರ್ಗಗಳ ಕಲ್ಯಾಣಾಧಿಕಾರಿಗಳ ಕಛೇರಿ ( 8105085410, 9148489157) ಸಂಪರ್ಕಿಸಬಹುದು ಎಂದು ಕಲಬುರಗಿ ಹಿಂದುಳಿದ ವರ್ಗಗಳ ಕಲ್ಯಾಣ ಇಲಾಖೆ ಉಪನಿರ್ದೇಶಕರು ಪ್ರಕಟಣೆಯಲ್ಲಿ ತಿಳಿಸಿದ್ದಾರೆ.
ಸೆ.5 ರಂದು ಶಿಕ್ಷಕರ
ದಿನಾಚರಣೆ
ಬಾಗಲಕೋಟೆ,ಸೆ.3: ಜಿಲ್ಲಾಡಳಿತ, ಜಿಲ್ಲಾ ಪಂಚಾಯತ, ಸಾರ್ವಜನಿಕ ಶಿಕ್ಷಣ ಇಲಾಖೆ ಹಾಗೂ ಶಿಕ್ಷಕ ಸಂಘಗಳ ಸಂಯುಕ್ತ ಆಶ್ರಯದಲ್ಲಿ ಸೆಪ್ಟೆಂಬರ 5ರಂದು ನವನಗರದ ಕಲಾಭವನದಲ್ಲಿ ಡಾ.ಸರ್ವಪಲ್ಲಿ ರಾಧಾಕೃಷ್ಣನ್ ರವರ ಜನ್ಮದಿನದ ಅಂಗವಾಗಿ ಜಿಲ್ಲಾ ಮಟ್ಟದ ಶಿಕ್ಷಕರ ದಿನಾಚರಣೆ ಕಾರ್ಯಕ್ರಮ ಹಮ್ಮಿಕೊಳ್ಳಲಾಗಿದೆ. ಅಂದು ಬೆಳಿಗ್ಗೆ 10.30ಕ್ಕೆ ಜರುಗುವ ಕಾರ್ಯಕ್ರಮವನ್ನು ಜಿಲ್ಲಾ ಉಸ್ತುವಾರಿ ಸಚಿವ ಆರ್.ಬಿ.ತಿಮ್ಮಾಪುರ ಉದ್ಘಾಟಿಸುವರು. ಅಧ್ಯಕ್ಷತೆಯನ್ನು ಶಾಸಕ ಹಾಗೂ ಬಿಟಿಡಿಎ ಅಧ್ಯಕ್ಷ ಹೆಚ್.ವಾಯ್.ಮೇಟಿ ವಹಿಸಲಿದ್ದಾರೆ.
ಅತಿಥಿಗಳಾಗಿ ವಿಧಾನ ಪರಿಷತ್ ಸದಸ್ಯರು, ಜಿಲ್ಲಾಧಿಕಾರಿ ಸಂಗಪ್ಪ, ಜಿ.ಪಂ ಸಿಇಓ ಶಶಿಧರ ಕುರೇರ ಭಾಗವಹಿಸಲಿದ್ದಾರೆ. ಈ ಸಂದರ್ಭದಲ್ಲಿ ಜಿಲ್ಲಾ ಮಟ್ಟದ ಉತ್ತಮ ಶಿಕ್ಷಕರ ಪ್ರಶಸ್ತಿ ಪ್ರದಾನ ಮಾಡಲಾಗುವುದು ಹಾಗೂ ಸೇವೆಯಿಂದ ನಿವೃತ್ತಿಯಾದ ಶಿಕ್ಷಕರಿಗೆ ಸನ್ಮಾನ ಮಾಡಲಾಗುವುದು ಎಂದು ಡಿಡಿಪಿಐ ಪ್ರಕಟಣೆಯಲ್ಲಿ ತಿಳಿಸಿದ್ದಾರೆ.
ಸಂಜೆವಾಣಿ ವ್ಯಾಪಾರಿ ಮಾರ್ಗದರ್ಶಿ
ಹೆಚ್ಚಿನ ವಿವರಗಳಿಗೆ ಸಂಪರ್ಕಿಸಿ
ವ್ಯಾಪಾರಿ ಜಾಹೀರಾತು ವಿಭಾಗ
SANJEVANI
SHOPPERS
GUIDE
Ph:9449871840
ಓದುಗರ ಗಮನಕ್ಕೆ
ಪತ್ರಿಕೆಯಲ್ಲಿ ಪ್ರಕಟವಾಗುವ ಜಾಹೀರಾತುಗಳು ವಿಶ್ವಾಸಪೂರ್ವಕವಾಗಿ ಪ್ರಕಟವಾಗುತ್ತವೆ. ವಸ್ತುಗಳ ಗುಣಮಟ್ಟ ಮತ್ತು ಸೇವೆಗಳ ಬಗ್ಗೆ ಓದುಗರೇ ಜವಾಬ್ದಾರರು. ಪತ್ರಿಕೆ ಜವಾಬ್ದಾರರಲ್ಲ.
Edited, Printed and Published by B.T. Amuthan, M.A. for M/s Karnataka News Publications (P) Limited at M/s Elegant Offset Printers Pvt. Ltd., M.T. Sagar Industrial Estate, Near Tatwadarsh Hospital, HUBBALLI-580 030. RNI No. 50370/89
